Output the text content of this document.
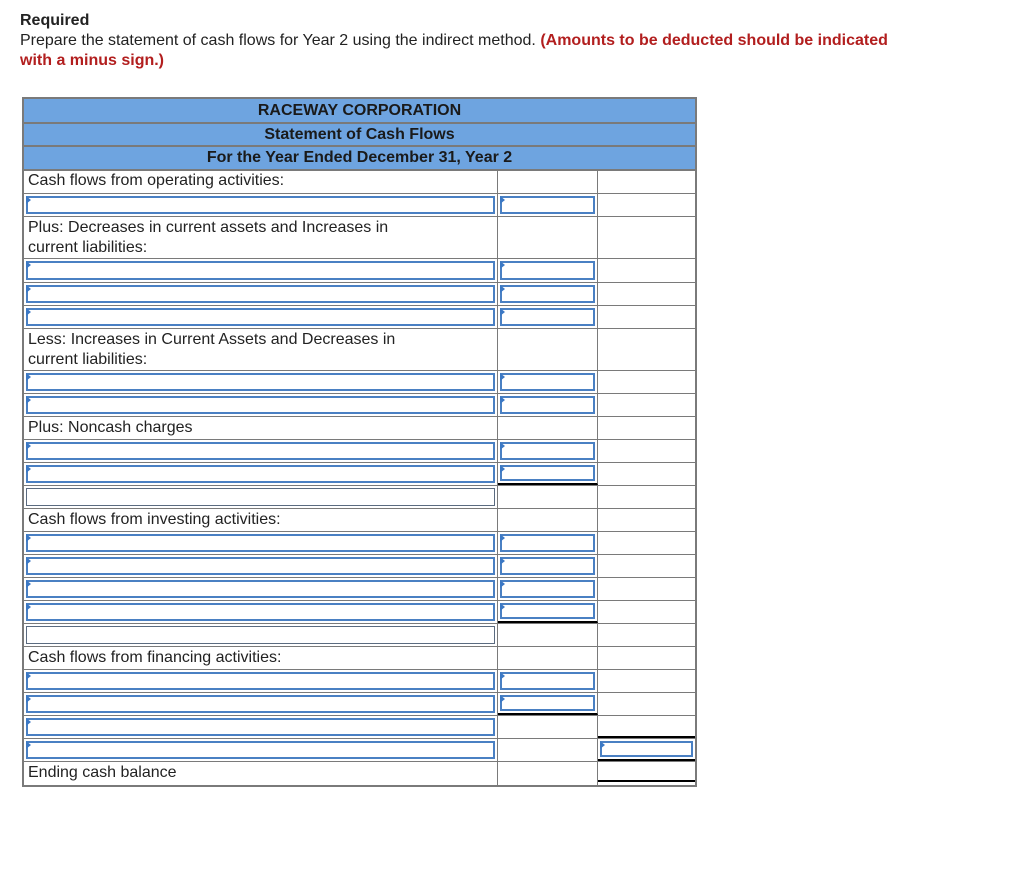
Required
Prepare the statement of cash flows for Year 2 using the indirect method. (Amounts to be deducted should be indicated with a minus sign.)
RACEWAY CORPORATION
Statement of Cash Flows
For the Year Ended December 31, Year 2
Cash flows from operating activities:
Plus: Decreases in current assets and Increases in
current liabilities:
Less: Increases in Current Assets and Decreases in
current liabilities:
Plus: Noncash charges
Cash flows from investing activities:
Cash flows from financing activities:
Ending cash balance
